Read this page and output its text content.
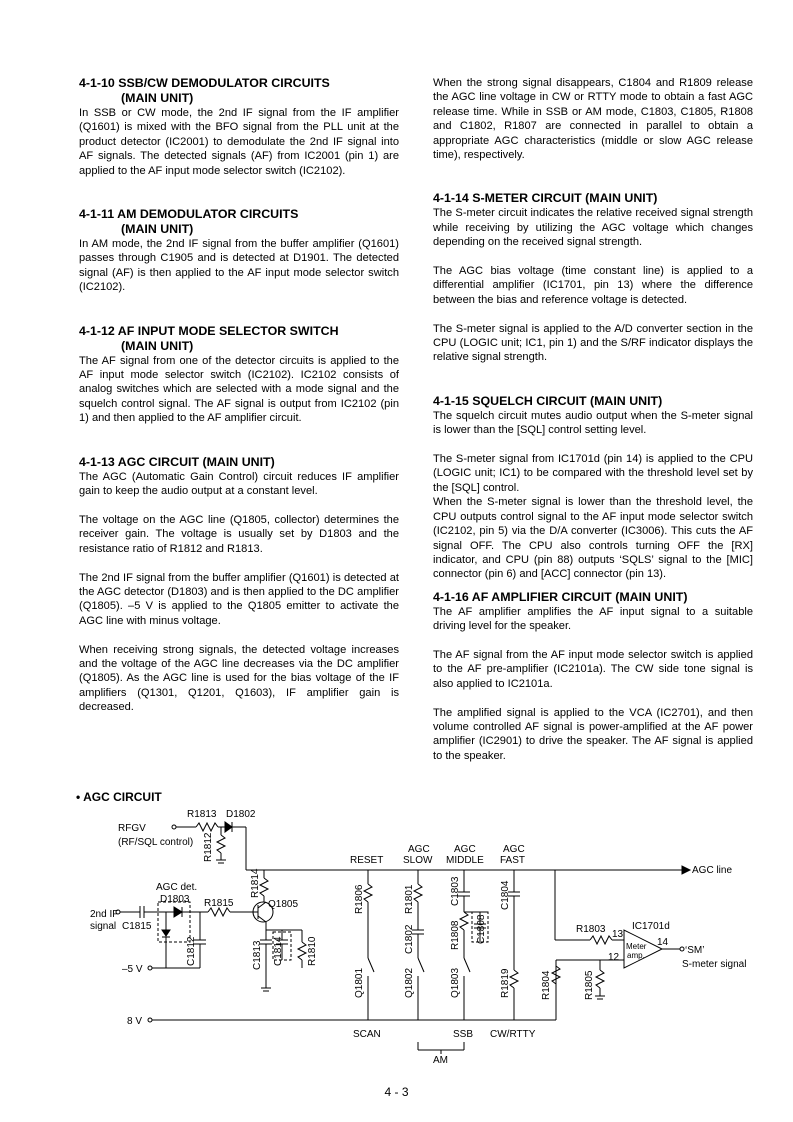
4-1-10 SSB/CW DEMODULATOR CIRCUITS
(MAIN UNIT)

In SSB or CW mode, the 2nd IF signal from the IF amplifier (Q1601) is mixed with the BFO signal from the PLL unit at the product detector (IC2001) to demodulate the 2nd IF signal into AF signals. The detected signals (AF) from IC2001 (pin 1) are applied to the AF input mode selector switch (IC2102).

4-1-11 AM DEMODULATOR CIRCUITS
(MAIN UNIT)

In AM mode, the 2nd IF signal from the buffer amplifier (Q1601) passes through C1905 and is detected at D1901. The detected signal (AF) is then applied to the AF input mode selector switch (IC2102).

4-1-12 AF INPUT MODE SELECTOR SWITCH
(MAIN UNIT)

The AF signal from one of the detector circuits is applied to the AF input mode selector switch (IC2102). IC2102 consists of analog switches which are selected with a mode signal and the squelch control signal. The AF signal is output from IC2102 (pin 1) and then applied to the AF amplifier circuit.

4-1-13 AGC CIRCUIT (MAIN UNIT)

The AGC (Automatic Gain Control) circuit reduces IF amplifier gain to keep the audio output at a constant level.

The voltage on the AGC line (Q1805, collector) determines the receiver gain. The voltage is usually set by D1803 and the resistance ratio of R1812 and R1813.

The 2nd IF signal from the buffer amplifier (Q1601) is detected at the AGC detector (D1803) and is then applied to the DC amplifier (Q1805). –5 V is applied to the Q1805 emitter to activate the AGC line with minus voltage.

When receiving strong signals, the detected voltage increases and the voltage of the AGC line decreases via the DC amplifier (Q1805). As the AGC line is used for the bias voltage of the IF amplifiers (Q1301, Q1201, Q1603), IF amplifier gain is decreased.

When the strong signal disappears, C1804 and R1809 release the AGC line voltage in CW or RTTY mode to obtain a fast AGC release time. While in SSB or AM mode, C1803, C1805, R1808 and C1802, R1807 are connected in parallel to obtain a appropriate AGC characteristics (middle or slow AGC release time), respectively.

4-1-14 S-METER CIRCUIT (MAIN UNIT)

The S-meter circuit indicates the relative received signal strength while receiving by utilizing the AGC voltage which changes depending on the received signal strength.

The AGC bias voltage (time constant line) is applied to a differential amplifier (IC1701, pin 13) where the difference between the bias and reference voltage is detected.

The S-meter signal is applied to the A/D converter section in the CPU (LOGIC unit; IC1, pin 1) and the S/RF indicator displays the relative signal strength.

4-1-15 SQUELCH CIRCUIT (MAIN UNIT)

The squelch circuit mutes audio output when the S-meter signal is lower than the [SQL] control setting level.

The S-meter signal from IC1701d (pin 14) is applied to the CPU (LOGIC unit; IC1) to be compared with the threshold level set by the [SQL] control.

When the S-meter signal is lower than the threshold level, the CPU outputs control signal to the AF input mode selector switch (IC2102, pin 5) via the D/A converter (IC3006). This cuts the AF signal OFF. The CPU also controls turning OFF the [RX] indicator, and CPU (pin 88) outputs ‘SQLS’ signal to the [MIC] connector (pin 6) and [ACC] connector (pin 13).

4-1-16 AF AMPLIFIER CIRCUIT (MAIN UNIT)

The AF amplifier amplifies the AF input signal to a suitable driving level for the speaker.

The AF signal from the AF input mode selector switch is applied to the AF pre-amplifier (IC2101a). The CW side tone signal is also applied to IC2101a.

The amplified signal is applied to the VCA (IC2701), and then volume controlled AF signal is power-amplified at the AF power amplifier (IC2901) to drive the speaker. The AF signal is applied to the speaker.

• AGC CIRCUIT
R1813 D1802
RFGV
(RF/SQL control) R1812	RESET
AGC
SLOW
AGC
MIDDLE
AGC
FAST
AGC line
R1814
AGC det.
D1803 R1815	Q1805
2nd IF
signal C1815
R1806	R1801	C1803	C1804
C1813 C1814 R1810	C1802	R1808 C1808	R1803	IC1701d
13
Meter
amp.
12
14
‘SM’
S-meter signal
C1812
–5 V	Q1801	Q1802	Q1803	R1819	R1804	R1805
8 V
SCAN	SSB CW/RTTY
AM
4 - 3
